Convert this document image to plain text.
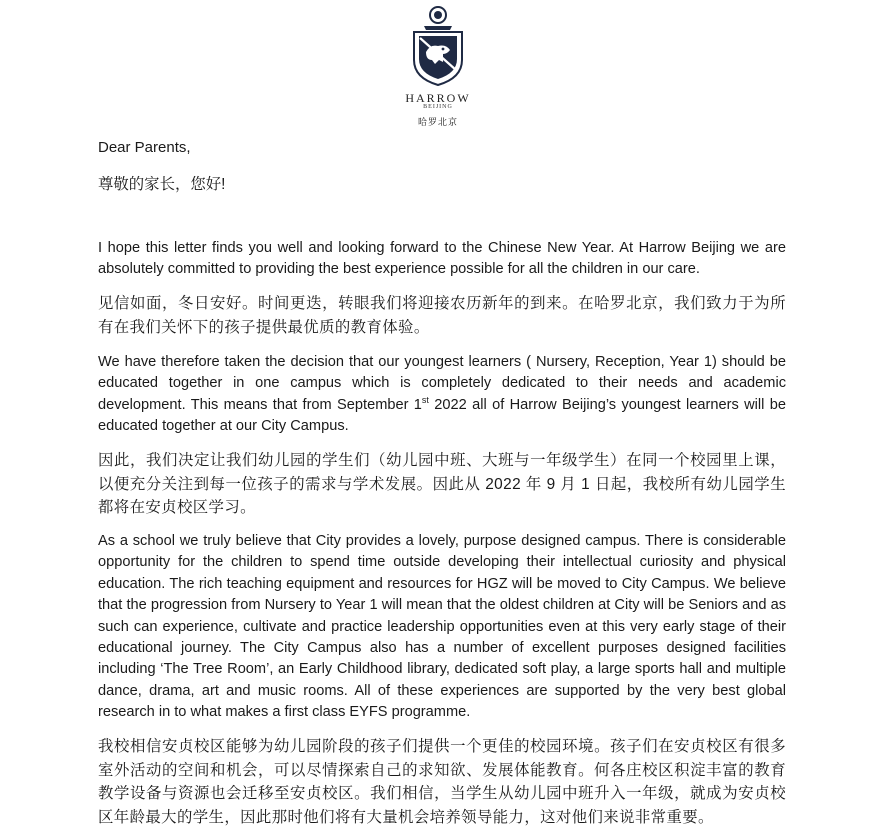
HARROW
BEIJING
哈罗北京
Dear Parents,
尊敬的家长，您好!

I hope this letter finds you well and looking forward to the Chinese New Year. At Harrow Beijing we are absolutely committed to providing the best experience possible for all the children in our care.

见信如面，冬日安好。时间更迭，转眼我们将迎接农历新年的到来。在哈罗北京，我们致力于为所有在我们关怀下的孩子提供最优质的教育体验。

We have therefore taken the decision that our youngest learners ( Nursery, Reception, Year 1) should be educated together in one campus which is completely dedicated to their needs and academic development. This means that from September 1st 2022 all of Harrow Beijing’s youngest learners will be educated together at our City Campus.

因此，我们决定让我们幼儿园的学生们（幼儿园中班、大班与一年级学生）在同一个校园里上课，以便充分关注到每一位孩子的需求与学术发展。因此从 2022 年 9 月 1 日起，我校所有幼儿园学生都将在安贞校区学习。

As a school we truly believe that City provides a lovely, purpose designed campus. There is considerable opportunity for the children to spend time outside developing their intellectual curiosity and physical education. The rich teaching equipment and resources for HGZ will be moved to City Campus. We believe that the progression from Nursery to Year 1 will mean that the oldest children at City will be Seniors and as such can experience, cultivate and practice leadership opportunities even at this very early stage of their educational journey. The City Campus also has a number of excellent purposes designed facilities including ‘The Tree Room’, an Early Childhood library, dedicated soft play, a large sports hall and multiple dance, drama, art and music rooms. All of these experiences are supported by the very best global research in to what makes a first class EYFS programme.

我校相信安贞校区能够为幼儿园阶段的孩子们提供一个更佳的校园环境。孩子们在安贞校区有很多室外活动的空间和机会，可以尽情探索自己的求知欲、发展体能教育。何各庄校区积淀丰富的教育教学设备与资源也会迁移至安贞校区。我们相信，当学生从幼儿园中班升入一年级，就成为安贞校区年龄最大的学生，因此那时他们将有大量机会培养领导能力，这对他们来说非常重要。
